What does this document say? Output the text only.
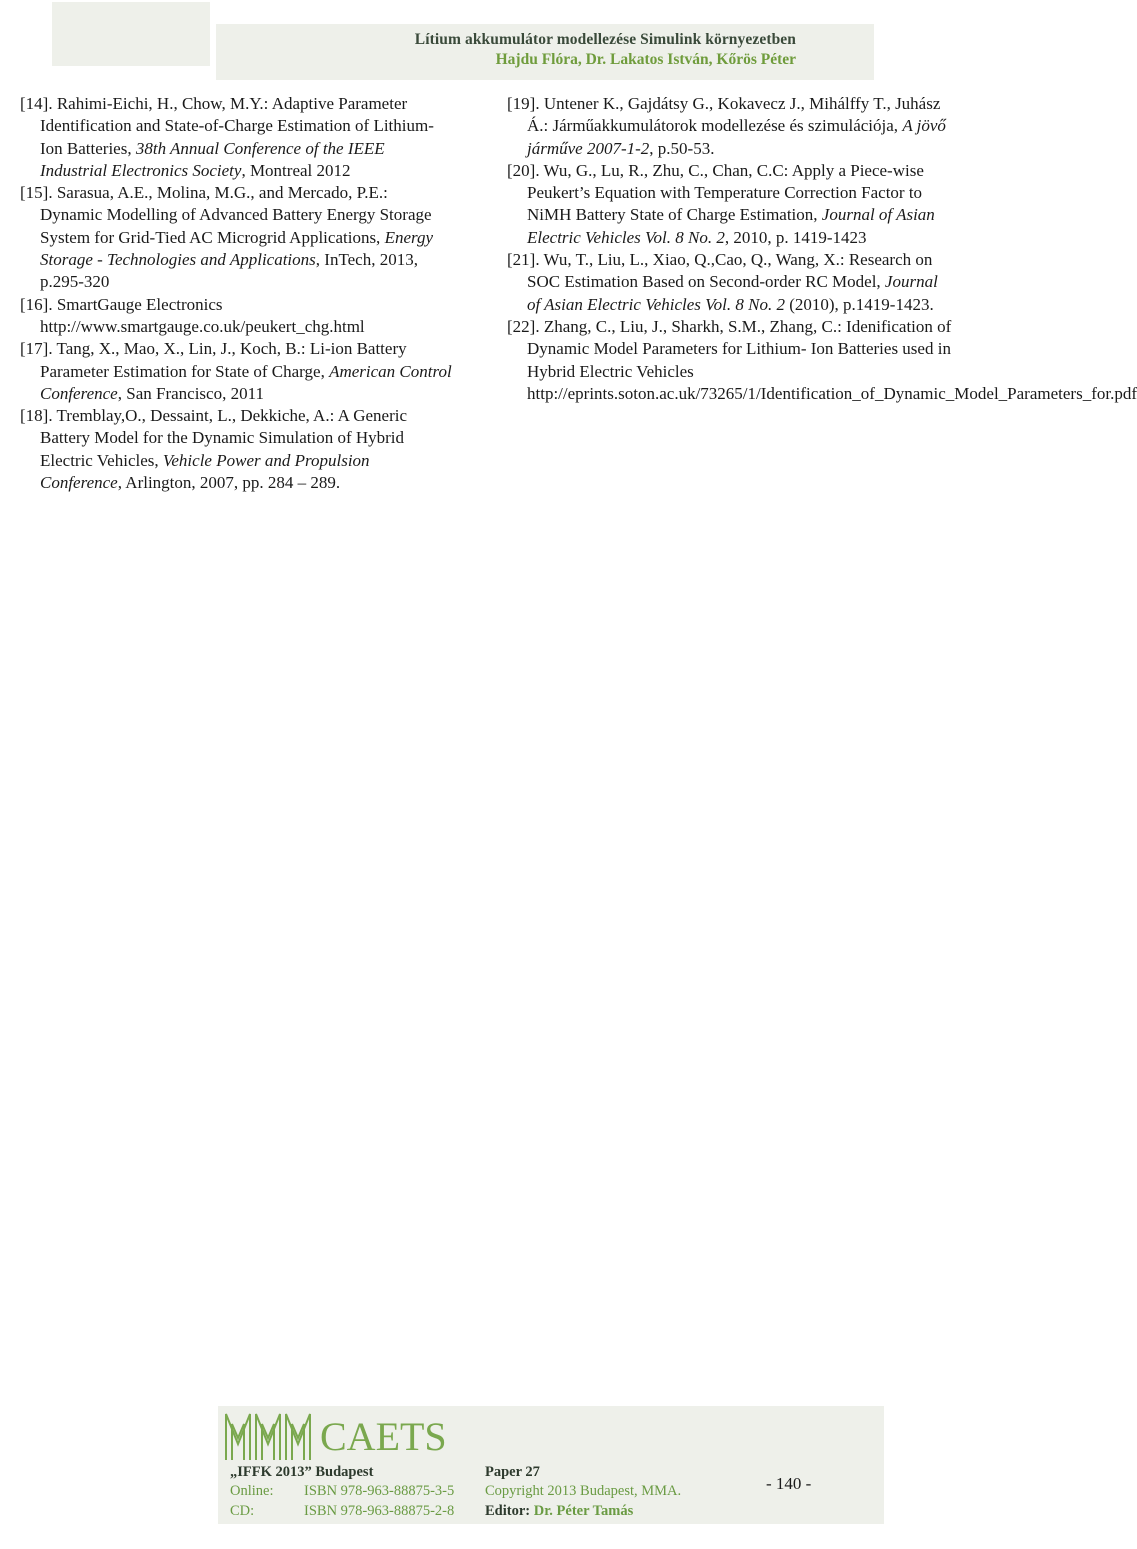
Lítium akkumulátor modellezése Simulink környezetben
Hajdu Flóra, Dr. Lakatos István, Kőrös Péter

[14]. Rahimi-Eichi, H., Chow, M.Y.: Adaptive Parameter Identification and State-of-Charge Estimation of Lithium-Ion Batteries, 38th Annual Conference of the IEEE Industrial Electronics Society, Montreal 2012

[15]. Sarasua, A.E., Molina, M.G., and Mercado, P.E.: Dynamic Modelling of Advanced Battery Energy Storage System for Grid-Tied AC Microgrid Applications, Energy Storage - Technologies and Applications, InTech, 2013, p.295-320

[16]. SmartGauge Electronics http://www.smartgauge.co.uk/peukert_chg.html

[17]. Tang, X., Mao, X., Lin, J., Koch, B.: Li-ion Battery Parameter Estimation for State of Charge, American Control Conference, San Francisco, 2011

[18]. Tremblay,O., Dessaint, L., Dekkiche, A.: A Generic Battery Model for the Dynamic Simulation of Hybrid Electric Vehicles, Vehicle Power and Propulsion Conference, Arlington, 2007, pp. 284 – 289.

[19]. Untener K., Gajdátsy G., Kokavecz J., Mihálffy T., Juhász Á.: Járműakkumulátorok modellezése és szimulációja, A jövő járműve 2007-1-2, p.50-53.

[20]. Wu, G., Lu, R., Zhu, C., Chan, C.C: Apply a Piece-wise Peukert’s Equation with Temperature Correction Factor to NiMH Battery State of Charge Estimation, Journal of Asian Electric Vehicles Vol. 8 No. 2, 2010, p. 1419-1423

[21]. Wu, T., Liu, L., Xiao, Q.,Cao, Q., Wang, X.: Research on SOC Estimation Based on Second-order RC Model, Journal of Asian Electric Vehicles Vol. 8 No. 2 (2010), p.1419-1423.

[22]. Zhang, C., Liu, J., Sharkh, S.M., Zhang, C.: Idenification of Dynamic Model Parameters for Lithium- Ion Batteries used in Hybrid Electric Vehicles http://eprints.soton.ac.uk/73265/1/Identification_of_Dynamic_Model_Parameters_for.pdf

CAETS
„IFFK 2013” Budapest
Online: ISBN 978-963-88875-3-5
CD:	ISBN 978-963-88875-2-8
Paper 27
Copyright 2013 Budapest, MMA.
Editor: Dr. Péter Tamás
- 140 -
